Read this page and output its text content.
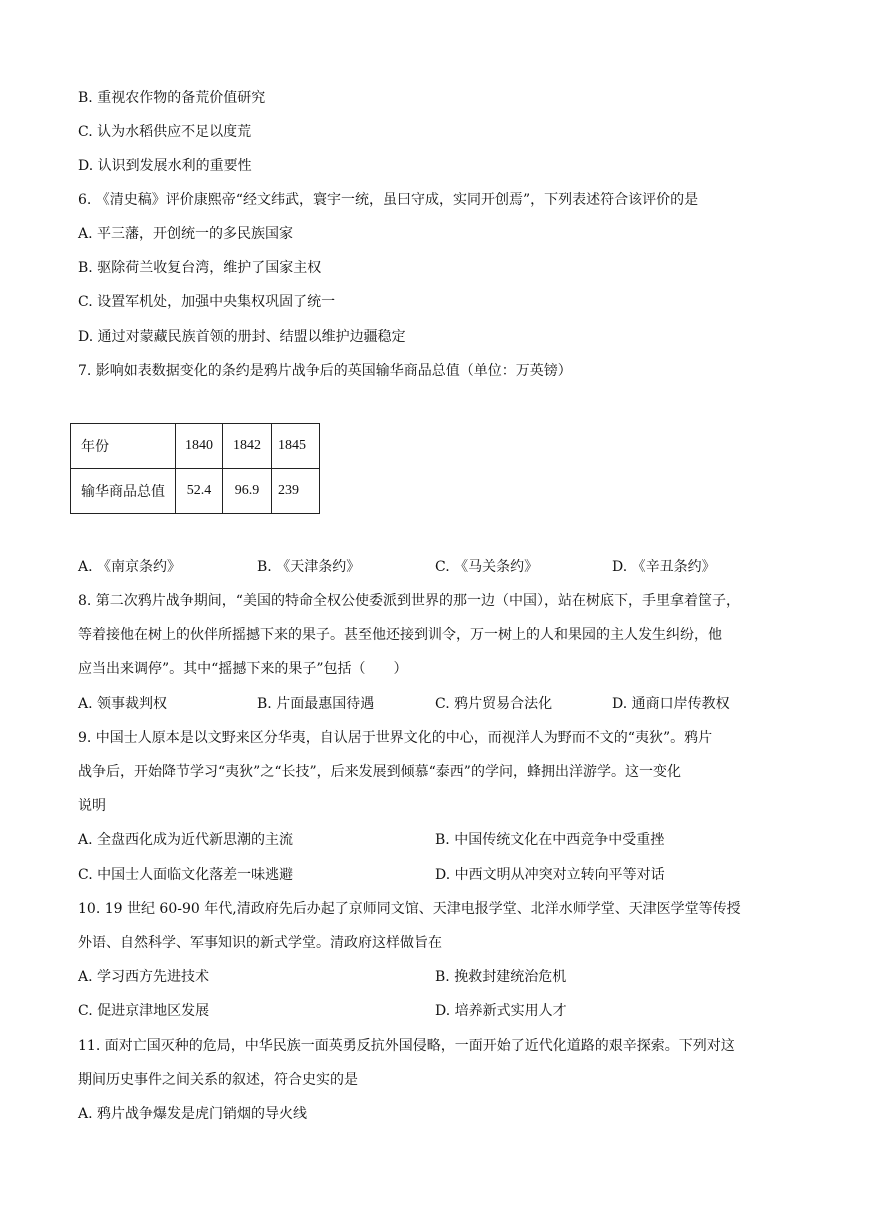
B. 重视农作物的备荒价值研究
C. 认为水稻供应不足以度荒
D. 认识到发展水利的重要性
6. 《清史稿》评价康熙帝“经文纬武，寰宇一统，虽曰守成，实同开创焉”，下列表述符合该评价的是
A. 平三藩，开创统一的多民族国家
B. 驱除荷兰收复台湾，维护了国家主权
C. 设置军机处，加强中央集权巩固了统一
D. 通过对蒙藏民族首领的册封、结盟以维护边疆稳定
7. 影响如表数据变化的条约是鸦片战争后的英国输华商品总值（单位：万英镑）
年份	1840	1842	1845
输华商品总值	52.4	96.9	239
A. 《南京条约》	B. 《天津条约》	C. 《马关条约》	D. 《辛丑条约》
8. 第二次鸦片战争期间，“美国的特命全权公使委派到世界的那一边（中国），站在树底下，手里拿着筐子，
等着接他在树上的伙伴所摇撼下来的果子。甚至他还接到训令，万一树上的人和果园的主人发生纠纷，他
应当出来调停”。其中“摇撼下来的果子”包括（　　）
A. 领事裁判权	B. 片面最惠国待遇	C. 鸦片贸易合法化	D. 通商口岸传教权
9. 中国士人原本是以文野来区分华夷，自认居于世界文化的中心，而视洋人为野而不文的“夷狄”。鸦片
战争后，开始降节学习“夷狄”之“长技”，后来发展到倾慕“泰西”的学问，蜂拥出洋游学。这一变化
说明
A. 全盘西化成为近代新思潮的主流	B. 中国传统文化在中西竞争中受重挫
C. 中国士人面临文化落差一味逃避	D. 中西文明从冲突对立转向平等对话
10. 19 世纪 60-90 年代,清政府先后办起了京师同文馆、天津电报学堂、北洋水师学堂、天津医学堂等传授
外语、自然科学、军事知识的新式学堂。清政府这样做旨在
A. 学习西方先进技术	B. 挽救封建统治危机
C. 促进京津地区发展	D. 培养新式实用人才
11. 面对亡国灭种的危局，中华民族一面英勇反抗外国侵略，一面开始了近代化道路的艰辛探索。下列对这
期间历史事件之间关系的叙述，符合史实的是
A. 鸦片战争爆发是虎门销烟的导火线
